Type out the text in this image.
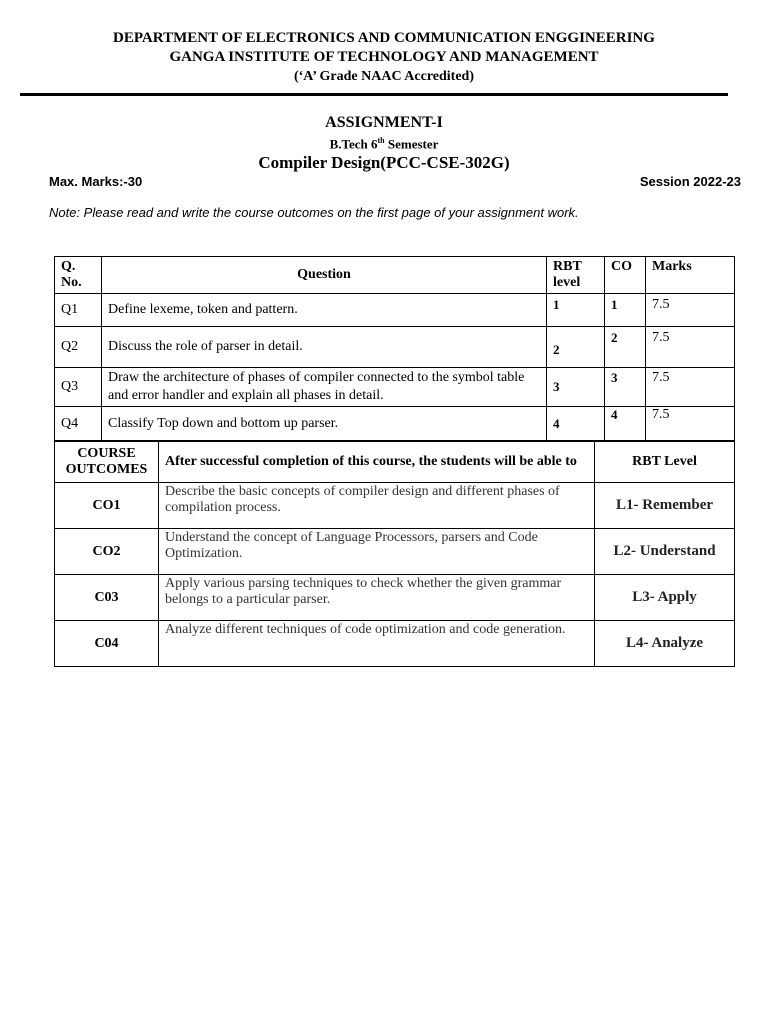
DEPARTMENT OF ELECTRONICS AND COMMUNICATION ENGGINEERING
GANGA INSTITUTE OF TECHNOLOGY AND MANAGEMENT
(‘A’ Grade NAAC Accredited)
ASSIGNMENT-I
B.Tech 6th Semester
Compiler Design(PCC-CSE-302G)
Max. Marks:-30	Session 2022-23
Note: Please read and write the course outcomes on the first page of your assignment work.
Q. No.	Question	RBT level	CO	Marks
Q1	Define lexeme, token and pattern.	1	1	7.5
Q2	Discuss the role of parser in detail.	2	2	7.5
Q3	Draw the architecture of phases of compiler connected to the symbol table and error handler and explain all phases in detail.	3	3	7.5
Q4	Classify Top down and bottom up parser.	4	4	7.5
COURSE OUTCOMES	After successful completion of this course, the students will be able to	RBT Level
CO1	Describe the basic concepts of compiler design and different phases of compilation process.	L1- Remember
CO2	Understand the concept of Language Processors, parsers and Code Optimization.	L2- Understand
C03	Apply various parsing techniques to check whether the given grammar belongs to a particular parser.	L3- Apply
C04	Analyze different techniques of code optimization and code generation.	L4- Analyze
